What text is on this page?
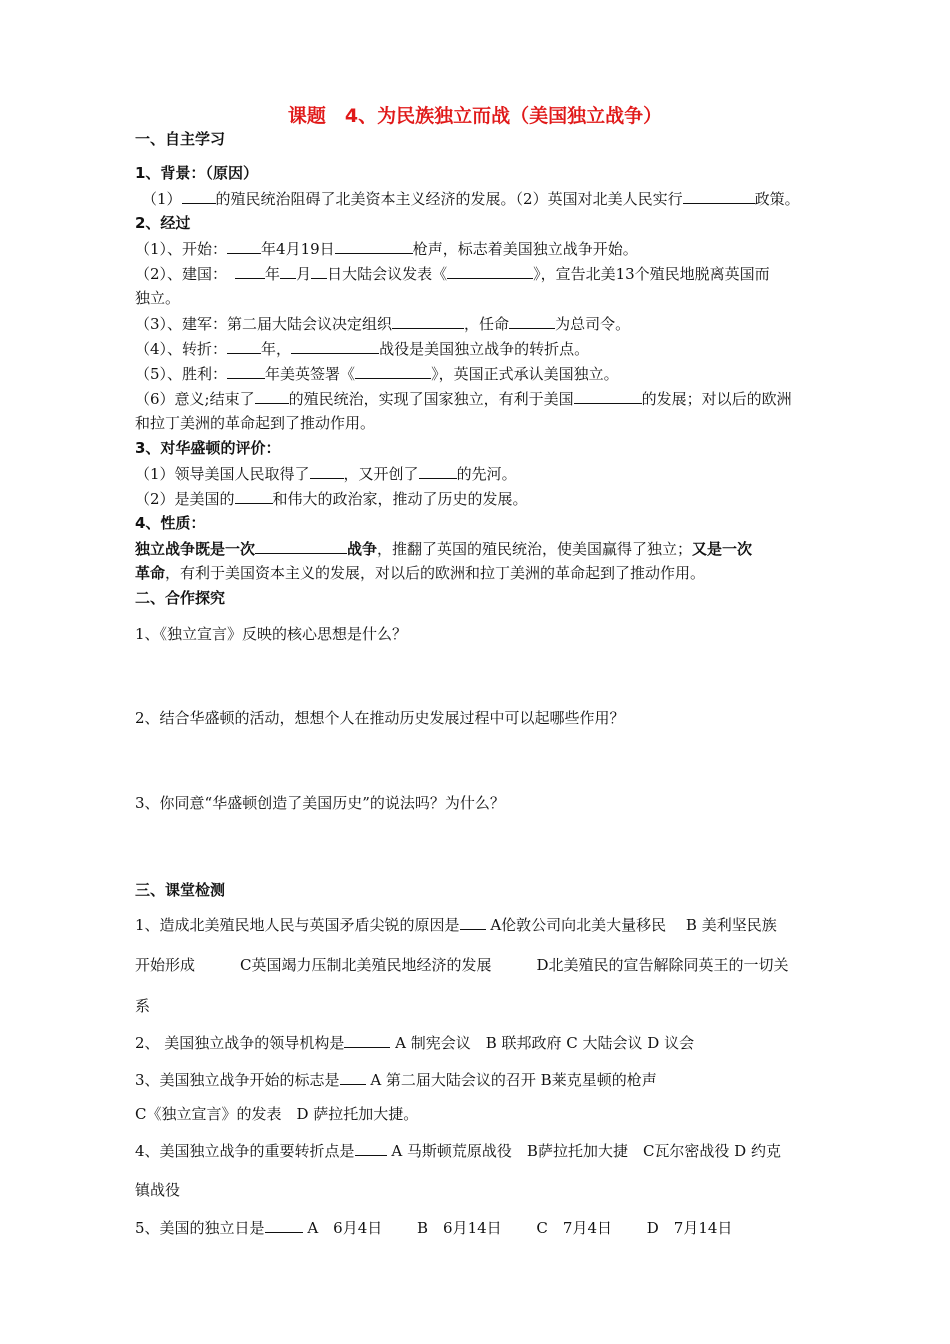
课题　4、为民族独立而战（美国独立战争）
一、自主学习
1、背景：（原因）
（1） 的殖民统治阻碍了北美资本主义经济的发展。（2）英国对北美人民实行	政策。
2、经过
（1）、开始： 年4月19日	枪声，标志着美国独立战争开始。
（2）、建国：	年 月 日大陆会议发表《	》，宣告北美13个殖民地脱离英国而
独立。
（3）、建军：第二届大陆会议决定组织	，任命	为总司令。
（4）、转折： 年，	战役是美国独立战争的转折点。
（5）、胜利：	年美英签署《	》，英国正式承认美国独立。
（6）意义;结束了 的殖民统治，实现了国家独立，有利于美国	的发展；对以后的欧洲
和拉丁美洲的革命起到了推动作用。
3、对华盛顿的评价：
（1）领导美国人民取得了 ，又开创了	的先河。
（2）是美国的	和伟大的政治家，推动了历史的发展。
4、性质：
独立战争既是一次	战争，推翻了英国的殖民统治，使美国赢得了独立；又是一次
革命，有利于美国资本主义的发展，对以后的欧洲和拉丁美洲的革命起到了推动作用。
二、合作探究
1、《独立宣言》反映的核心思想是什么？
2、结合华盛顿的活动，想想个人在推动历史发展过程中可以起哪些作用？
3、你同意“华盛顿创造了美国历史”的说法吗？为什么？
三、课堂检测
1、造成北美殖民地人民与英国矛盾尖锐的原因是 A伦敦公司向北美大量移民　 B 美利坚民族
开始形成　　　C英国竭力压制北美殖民地经济的发展　　　D北美殖民的宣告解除同英王的一切关
系
2、 美国独立战争的领导机构是	A 制宪会议　B 联邦政府 C 大陆会议 D 议会
3、美国独立战争开始的标志是 A 第二届大陆会议的召开 B莱克星顿的枪声
C《独立宣言》的发表　D 萨拉托加大捷。
4、美国独立战争的重要转折点是 A 马斯顿荒原战役　B萨拉托加大捷　C瓦尔密战役 D 约克
镇战役
5、美国的独立日是	A　6月4日　　 B　6月14日　　 C　7月4日　　 D　7月14日
